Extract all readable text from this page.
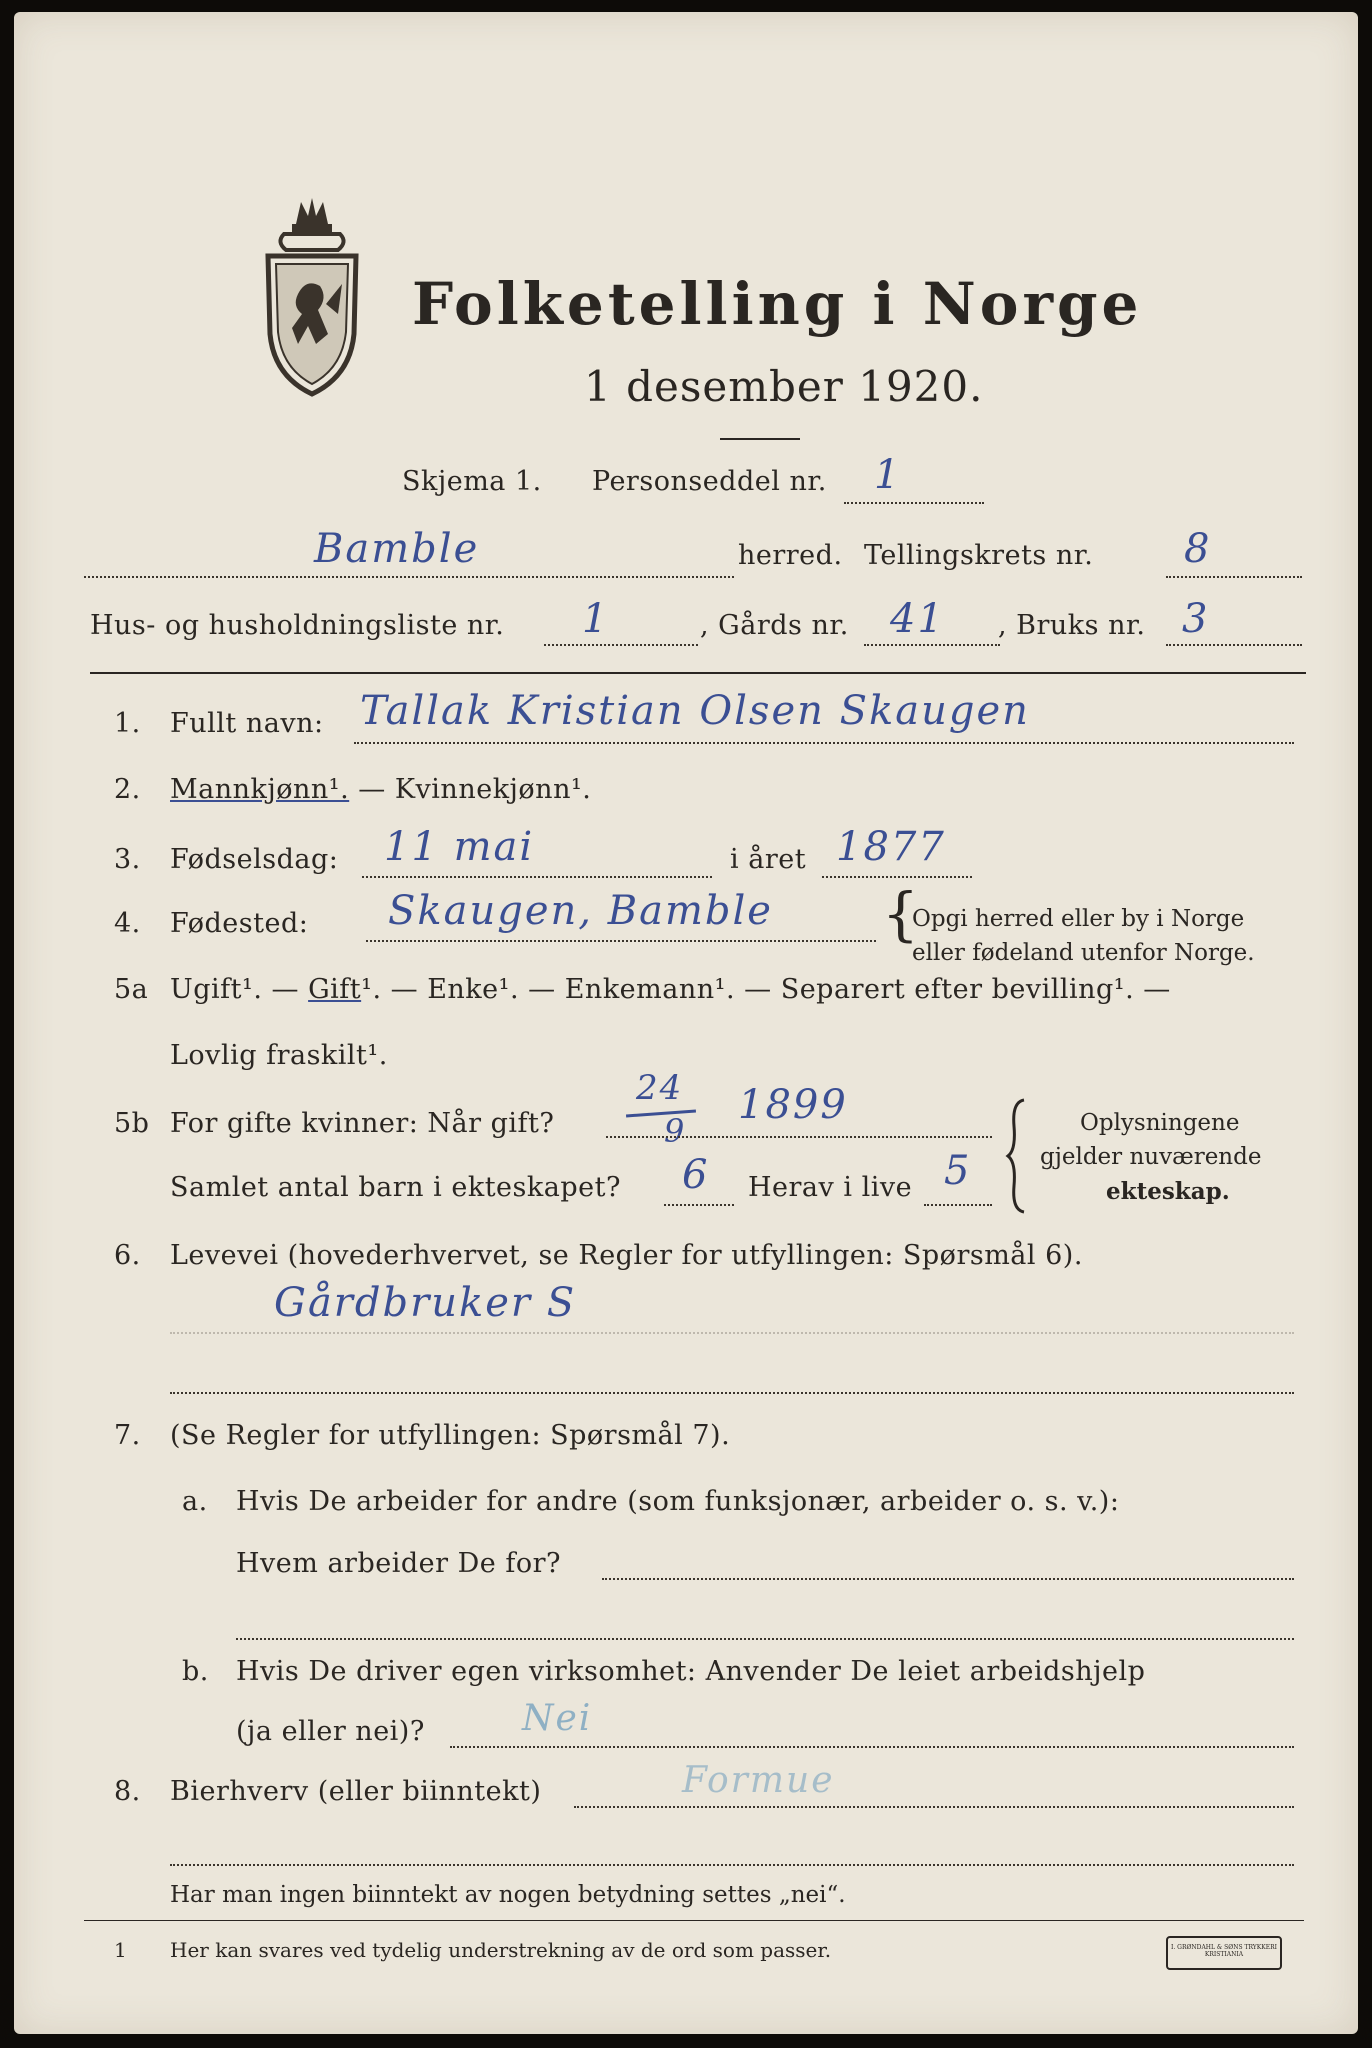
Folketelling i Norge
1 desember 1920.
Skjema 1. Personseddel nr. 1
Bamble	herred. Tellingskrets nr. 8
Hus- og husholdningsliste nr. 1	, Gårds nr. 41 , Bruks nr. 3
1. Fullt navn: Tallak Kristian Olsen Skaugen
2. Mannkjønn¹. — Kvinnekjønn¹.
3. Fødselsdag: 11 mai	i året 1877
4. Fødested: Skaugen, Bamble {
Opgi herred eller by i Norge
eller fødeland utenfor Norge.
5a Ugift¹. — Gift¹. — Enke¹. — Enkemann¹. — Separert efter bevilling¹. —
Lovlig fraskilt¹.
5b For gifte kvinner: Når gift?
24
9
1899
Samlet antal barn i ekteskapet? 6 Herav i live 5
Oplysningene
gjelder nuværende
ekteskap.
6. Levevei (hovederhvervet, se Regler for utfyllingen: Spørsmål 6).
Gårdbruker S
7. (Se Regler for utfyllingen: Spørsmål 7).
a. Hvis De arbeider for andre (som funksjonær, arbeider o. s. v.):
Hvem arbeider De for?
b. Hvis De driver egen virksomhet: Anvender De leiet arbeidshjelp
(ja eller nei)?	Nei
8. Bierhverv (eller biinntekt)	Formue
Har man ingen biinntekt av nogen betydning settes „nei“.
1 Her kan svares ved tydelig understrekning av de ord som passer.	I. GRØNDAHL & SØNS TRYKKERI
KRISTIANIA
